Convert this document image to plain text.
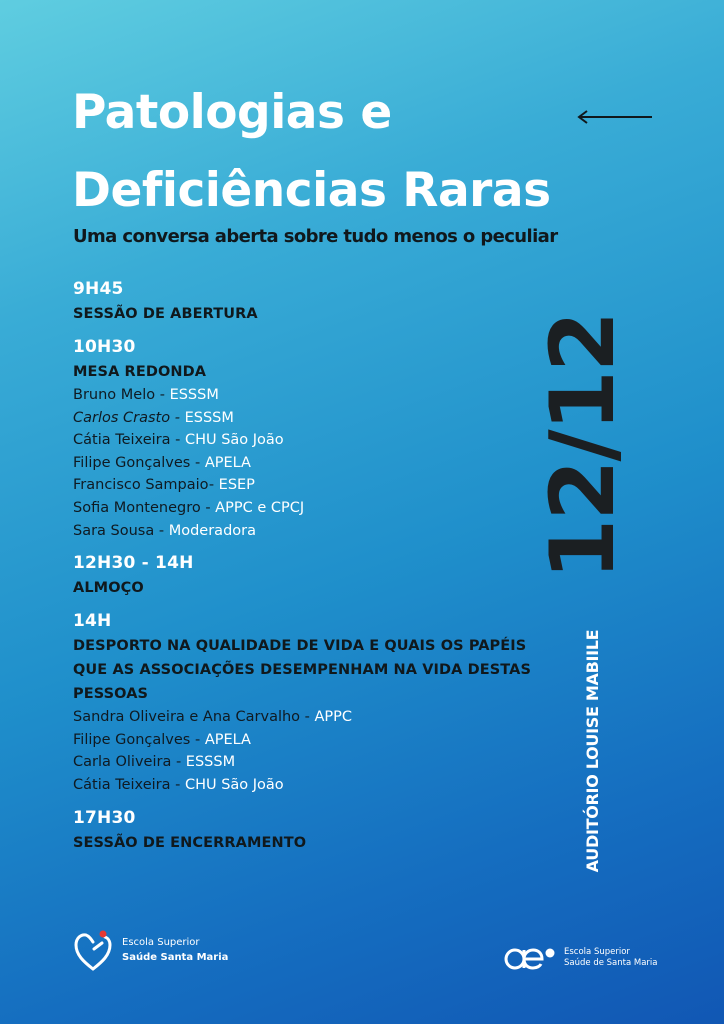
Patologias e
Deficiências Raras
Uma conversa aberta sobre tudo menos o peculiar
9H45
SESSÃO DE ABERTURA
10H30
MESA REDONDA
Bruno Melo - ESSSM
Carlos Crasto - ESSSM
Cátia Teixeira - CHU São João
Filipe Gonçalves - APELA
Francisco Sampaio- ESEP
Sofia Montenegro - APPC e CPCJ
Sara Sousa - Moderadora
12H30 - 14H
ALMOÇO
14H
DESPORTO NA QUALIDADE DE VIDA E QUAIS OS PAPÉIS QUE AS ASSOCIAÇÕES DESEMPENHAM NA VIDA DESTAS PESSOAS
Sandra Oliveira e Ana Carvalho - APPC
Filipe Gonçalves - APELA
Carla Oliveira - ESSSM
Cátia Teixeira - CHU São João
17H30
SESSÃO DE ENCERRAMENTO
12/12
AUDITÓRIO LOUISE MABIILE
Escola Superior
Saúde Santa Maria	Escola Superior
Saúde de Santa Maria
